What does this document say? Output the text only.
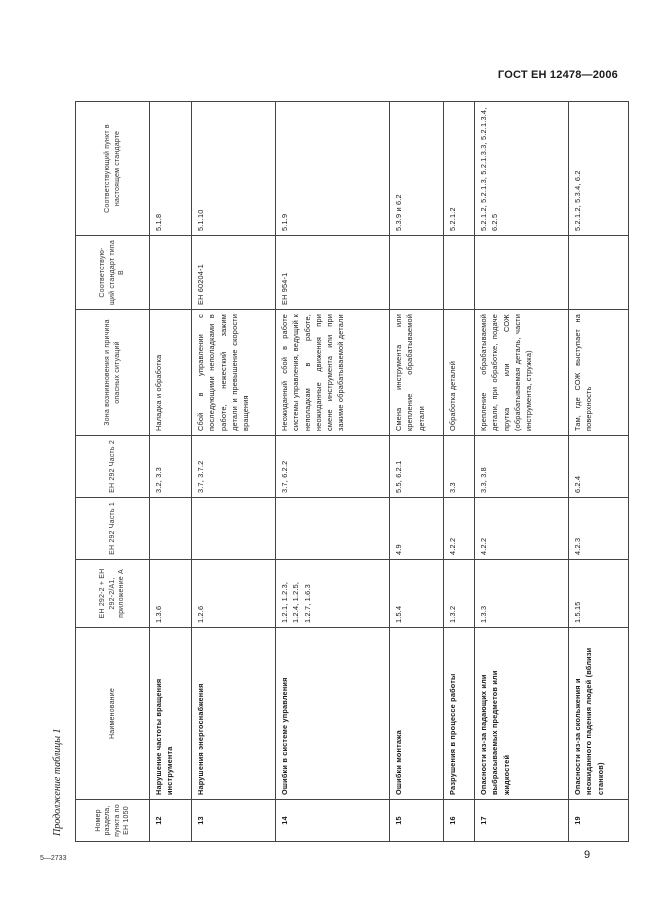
ГОСТ ЕН 12478—2006
Продолжение таблицы 1	Номер раздела, пункта по ЕН 1050	Наименование	ЕН 292-2 + ЕН 292-2/А1, приложение А	ЕН 292 Часть 1	ЕН 292 Часть 2	Зона возникновения и причина опасных ситуаций	Соответствую- щий стандарт типа В	Соответствующий пункт в настоящем стандарте
12	Нарушение частоты вращения инструмента	1.3.6		3.2, 3.3	Наладка и обработка		5.1.8
13	Нарушения энергоснабжения	1.2.6		3.7, 3.7.2	Сбой в управлении с последующими неполадками в работе, нежесткий зажим детали и превышение скорости вращения	ЕН 60204-1	5.1.10
14	Ошибки в системе управления	1.2.1, 1.2.3, 1.2.4, 1.2.5, 1.2.7, 1.6.3		3.7, 6.2.2	Неожиданный сбой в работе системы управления, ведущий к неполадкам в работе, неожиданные движения при смене инструмента или при зажиме обрабатываемой детали	ЕН 954-1	5.1.9
15	Ошибки монтажа	1.5.4	4.9	5.5, 6.2.1	Смена инструмента или крепление обрабатываемой детали		5.3.9 и 6.2
16	Разрушения в процессе работы	1.3.2	4.2.2	3.3	Обработка деталей		5.2.1.2
17	Опасности из-за падающих или выбрасываемых предметов или жидкостей	1.3.3	4.2.2	3.3, 3.8	Крепление обрабатываемой детали, при обработке, подаче пруткa или СОЖ (обрабатываемая деталь, части инструмента, стружка)		5.2.1.2, 5.2.1.3, 5.2.1.3.3, 5.2.1.3.4, 6.2.5
19	Опасности из-за скольжения и неожиданного падения людей (вблизи станков)	1.5.15	4.2.3	6.2.4	Там, где СОЖ выступает на поверхность		5.2.1.2, 5.3.4, 6.2
5—2733	9
